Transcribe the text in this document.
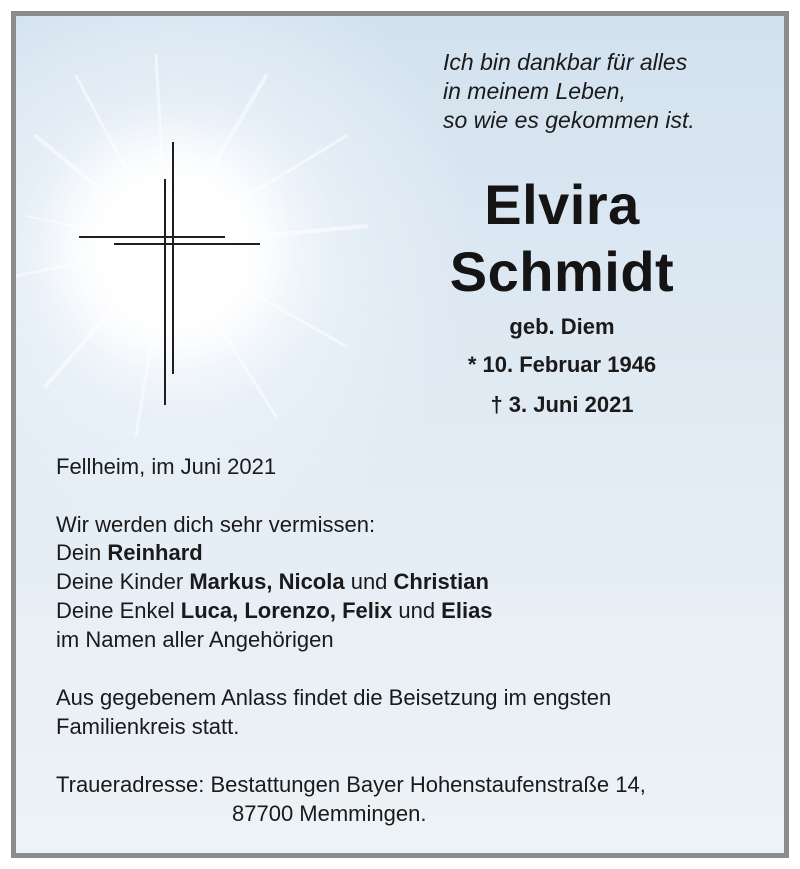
Ich bin dankbar für alles
in meinem Leben,
so wie es gekommen ist.
Elvira
Schmidt
geb. Diem
* 10. Februar 1946
† 3. Juni 2021
Fellheim, im Juni 2021
Wir werden dich sehr vermissen:
Dein Reinhard
Deine Kinder Markus, Nicola und Christian
Deine Enkel Luca, Lorenzo, Felix und Elias
im Namen aller Angehörigen
Aus gegebenem Anlass findet die Beisetzung im engsten
Familienkreis statt.
Traueradresse: Bestattungen Bayer Hohenstaufenstraße 14,
87700 Memmingen.
